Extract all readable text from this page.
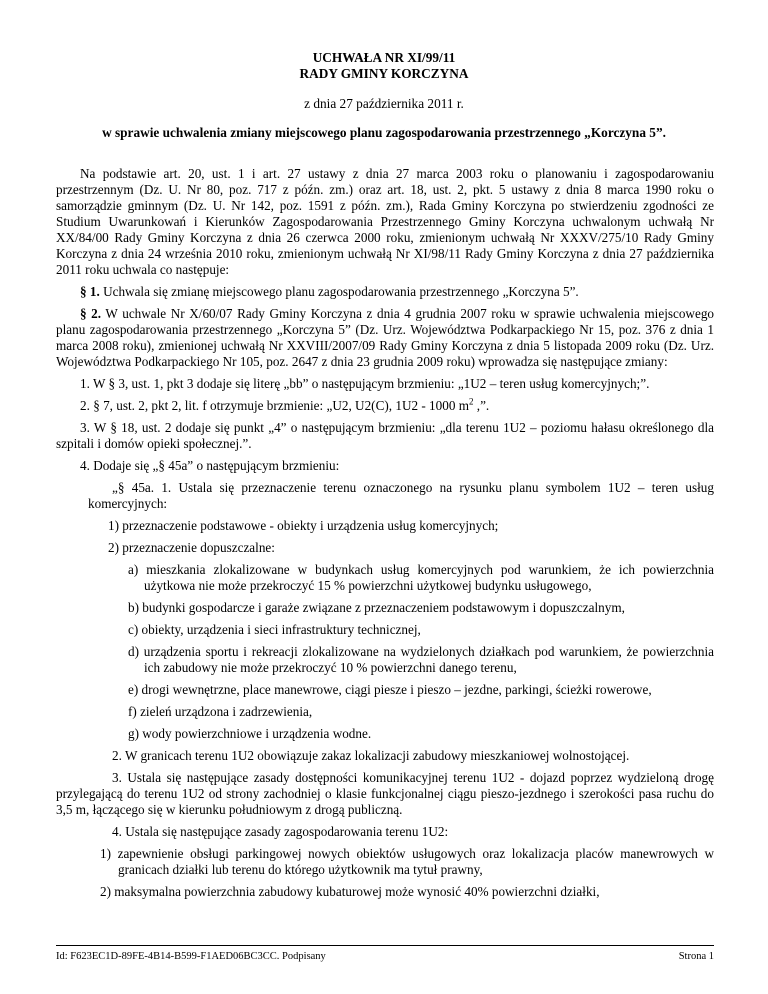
UCHWAŁA NR XI/99/11
RADY GMINY KORCZYNA
z dnia 27 października 2011 r.
w sprawie uchwalenia zmiany miejscowego planu zagospodarowania przestrzennego „Korczyna 5”.

Na podstawie art. 20, ust. 1 i art. 27 ustawy z dnia 27 marca 2003 roku o planowaniu i zagospodarowaniu przestrzennym (Dz. U. Nr 80, poz. 717 z późn. zm.) oraz art. 18, ust. 2, pkt. 5 ustawy z dnia 8 marca 1990 roku o samorządzie gminnym (Dz. U. Nr 142, poz. 1591 z późn. zm.), Rada Gminy Korczyna po stwierdzeniu zgodności ze Studium Uwarunkowań i Kierunków Zagospodarowania Przestrzennego Gminy Korczyna uchwalonym uchwałą Nr XX/84/00 Rady Gminy Korczyna z dnia 26 czerwca 2000 roku, zmienionym uchwałą Nr XXXV/275/10 Rady Gminy Korczyna z dnia 24 września 2010 roku, zmienionym uchwałą Nr XI/98/11 Rady Gminy Korczyna z dnia 27 października 2011 roku uchwala co następuje:

§ 1. Uchwala się zmianę miejscowego planu zagospodarowania przestrzennego „Korczyna 5”.

§ 2. W uchwale Nr X/60/07 Rady Gminy Korczyna z dnia 4 grudnia 2007 roku w sprawie uchwalenia miejscowego planu zagospodarowania przestrzennego „Korczyna 5” (Dz. Urz. Województwa Podkarpackiego Nr 15, poz. 376 z dnia 1 marca 2008 roku), zmienionej uchwałą Nr XXVIII/2007/09 Rady Gminy Korczyna z dnia 5 listopada 2009 roku (Dz. Urz. Województwa Podkarpackiego Nr 105, poz. 2647 z dnia 23 grudnia 2009 roku) wprowadza się następujące zmiany:

1. W § 3, ust. 1, pkt 3 dodaje się literę „bb” o następującym brzmieniu: „1U2 – teren usług komercyjnych;”.

2. § 7, ust. 2, pkt 2, lit. f otrzymuje brzmienie: „U2, U2(C), 1U2 - 1000 $m^2$ ,”.

3. W § 18, ust. 2 dodaje się punkt „4” o następującym brzmieniu: „dla terenu 1U2 – poziomu hałasu określonego dla szpitali i domów opieki społecznej.”.

4. Dodaje się „§ 45a” o następującym brzmieniu:

„§ 45a. 1. Ustala się przeznaczenie terenu oznaczonego na rysunku planu symbolem 1U2 – teren usług komercyjnych:

1) przeznaczenie podstawowe - obiekty i urządzenia usług komercyjnych;

2) przeznaczenie dopuszczalne:

a) mieszkania zlokalizowane w budynkach usług komercyjnych pod warunkiem, że ich powierzchnia użytkowa nie może przekroczyć 15 % powierzchni użytkowej budynku usługowego,

b) budynki gospodarcze i garaże związane z przeznaczeniem podstawowym i dopuszczalnym,

c) obiekty, urządzenia i sieci infrastruktury technicznej,

d) urządzenia sportu i rekreacji zlokalizowane na wydzielonych działkach pod warunkiem, że powierzchnia ich zabudowy nie może przekroczyć 10 % powierzchni danego terenu,

e) drogi wewnętrzne, place manewrowe, ciągi piesze i pieszo – jezdne, parkingi, ścieżki rowerowe,

f) zieleń urządzona i zadrzewienia,

g) wody powierzchniowe i urządzenia wodne.

2. W granicach terenu 1U2 obowiązuje zakaz lokalizacji zabudowy mieszkaniowej wolnostojącej.

3. Ustala się następujące zasady dostępności komunikacyjnej terenu 1U2 - dojazd poprzez wydzieloną drogę przylegającą do terenu 1U2 od strony zachodniej o klasie funkcjonalnej ciągu pieszo-jezdnego i szerokości pasa ruchu do 3,5 m, łączącego się w kierunku południowym z drogą publiczną.

4. Ustala się następujące zasady zagospodarowania terenu 1U2:

1) zapewnienie obsługi parkingowej nowych obiektów usługowych oraz lokalizacja placów manewrowych w granicach działki lub terenu do którego użytkownik ma tytuł prawny,

2) maksymalna powierzchnia zabudowy kubaturowej może wynosić 40% powierzchni działki,

Id: F623EC1D-89FE-4B14-B599-F1AED06BC3CC. Podpisany	Strona 1
